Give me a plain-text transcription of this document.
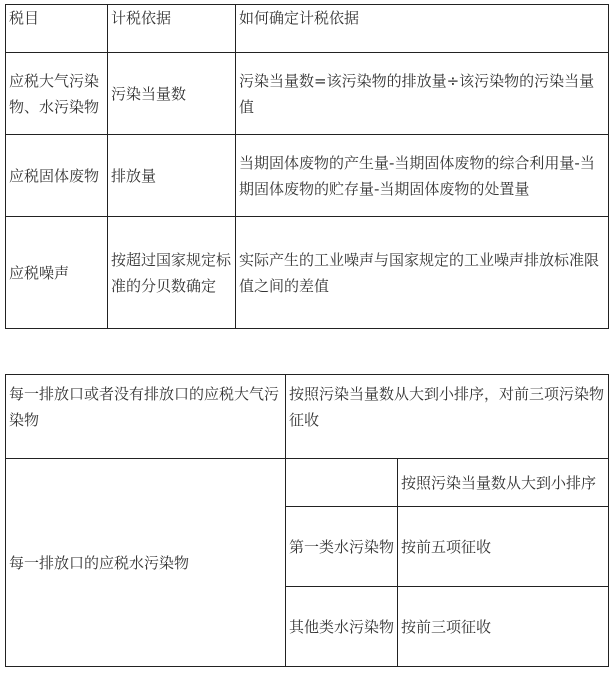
税目	计税依据	如何确定计税依据
应税大气污染物、水污染物	污染当量数	污染当量数=该污染物的排放量÷该污染物的污染当量值
应税固体废物	排放量	当期固体废物的产生量-当期固体废物的综合利用量-当期固体废物的贮存量-当期固体废物的处置量
应税噪声	按超过国家规定标准的分贝数确定	实际产生的工业噪声与国家规定的工业噪声排放标准限值之间的差值
每一排放口或者没有排放口的应税大气污染物	按照污染当量数从大到小排序，对前三项污染物征收	
每一排放口的应税水污染物		按照污染当量数从大到小排序
	第一类水污染物	按前五项征收
	其他类水污染物	按前三项征收
